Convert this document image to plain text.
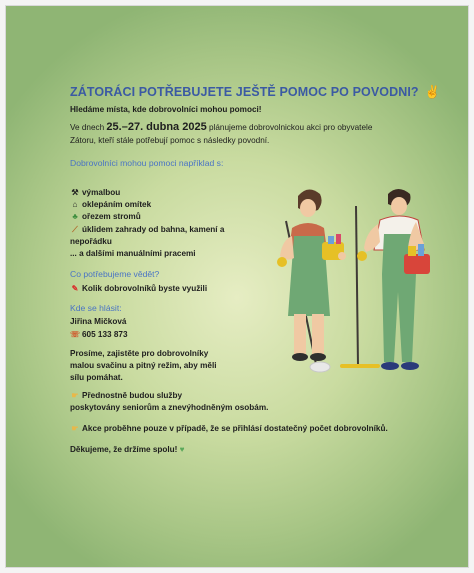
ZÁTORÁCI POTŘEBUJETE JEŠTĚ POMOC PO POVODNI? ✌
Hledáme místa, kde dobrovolníci mohou pomoci!
Ve dnech 25.–27. dubna 2025 plánujeme dobrovolnickou akci pro obyvatele
Zátoru, kteří stále potřebují pomoc s následky povodní.
Dobrovolníci mohou pomoci například s:
⚒ výmalbou
⌂ oklepáním omítek
♣ ořezem stromů
⟋ úklidem zahrady od bahna, kamení a
nepořádku
... a dalšími manuálními pracemi
Co potřebujeme vědět?
✎ Kolik dobrovolníků byste využili
Kde se hlásit:
Jiřina Mičková
☏ 605 133 873
Prosíme, zajistěte pro dobrovolníky
malou svačinu a pitný režim, aby měli
sílu pomáhat.
☛ Přednostně budou služby
poskytovány seniorům a znevýhodněným osobám.
☛ Akce proběhne pouze v případě, že se přihlásí dostatečný počet dobrovolníků.
Děkujeme, že držíme spolu! ♥
